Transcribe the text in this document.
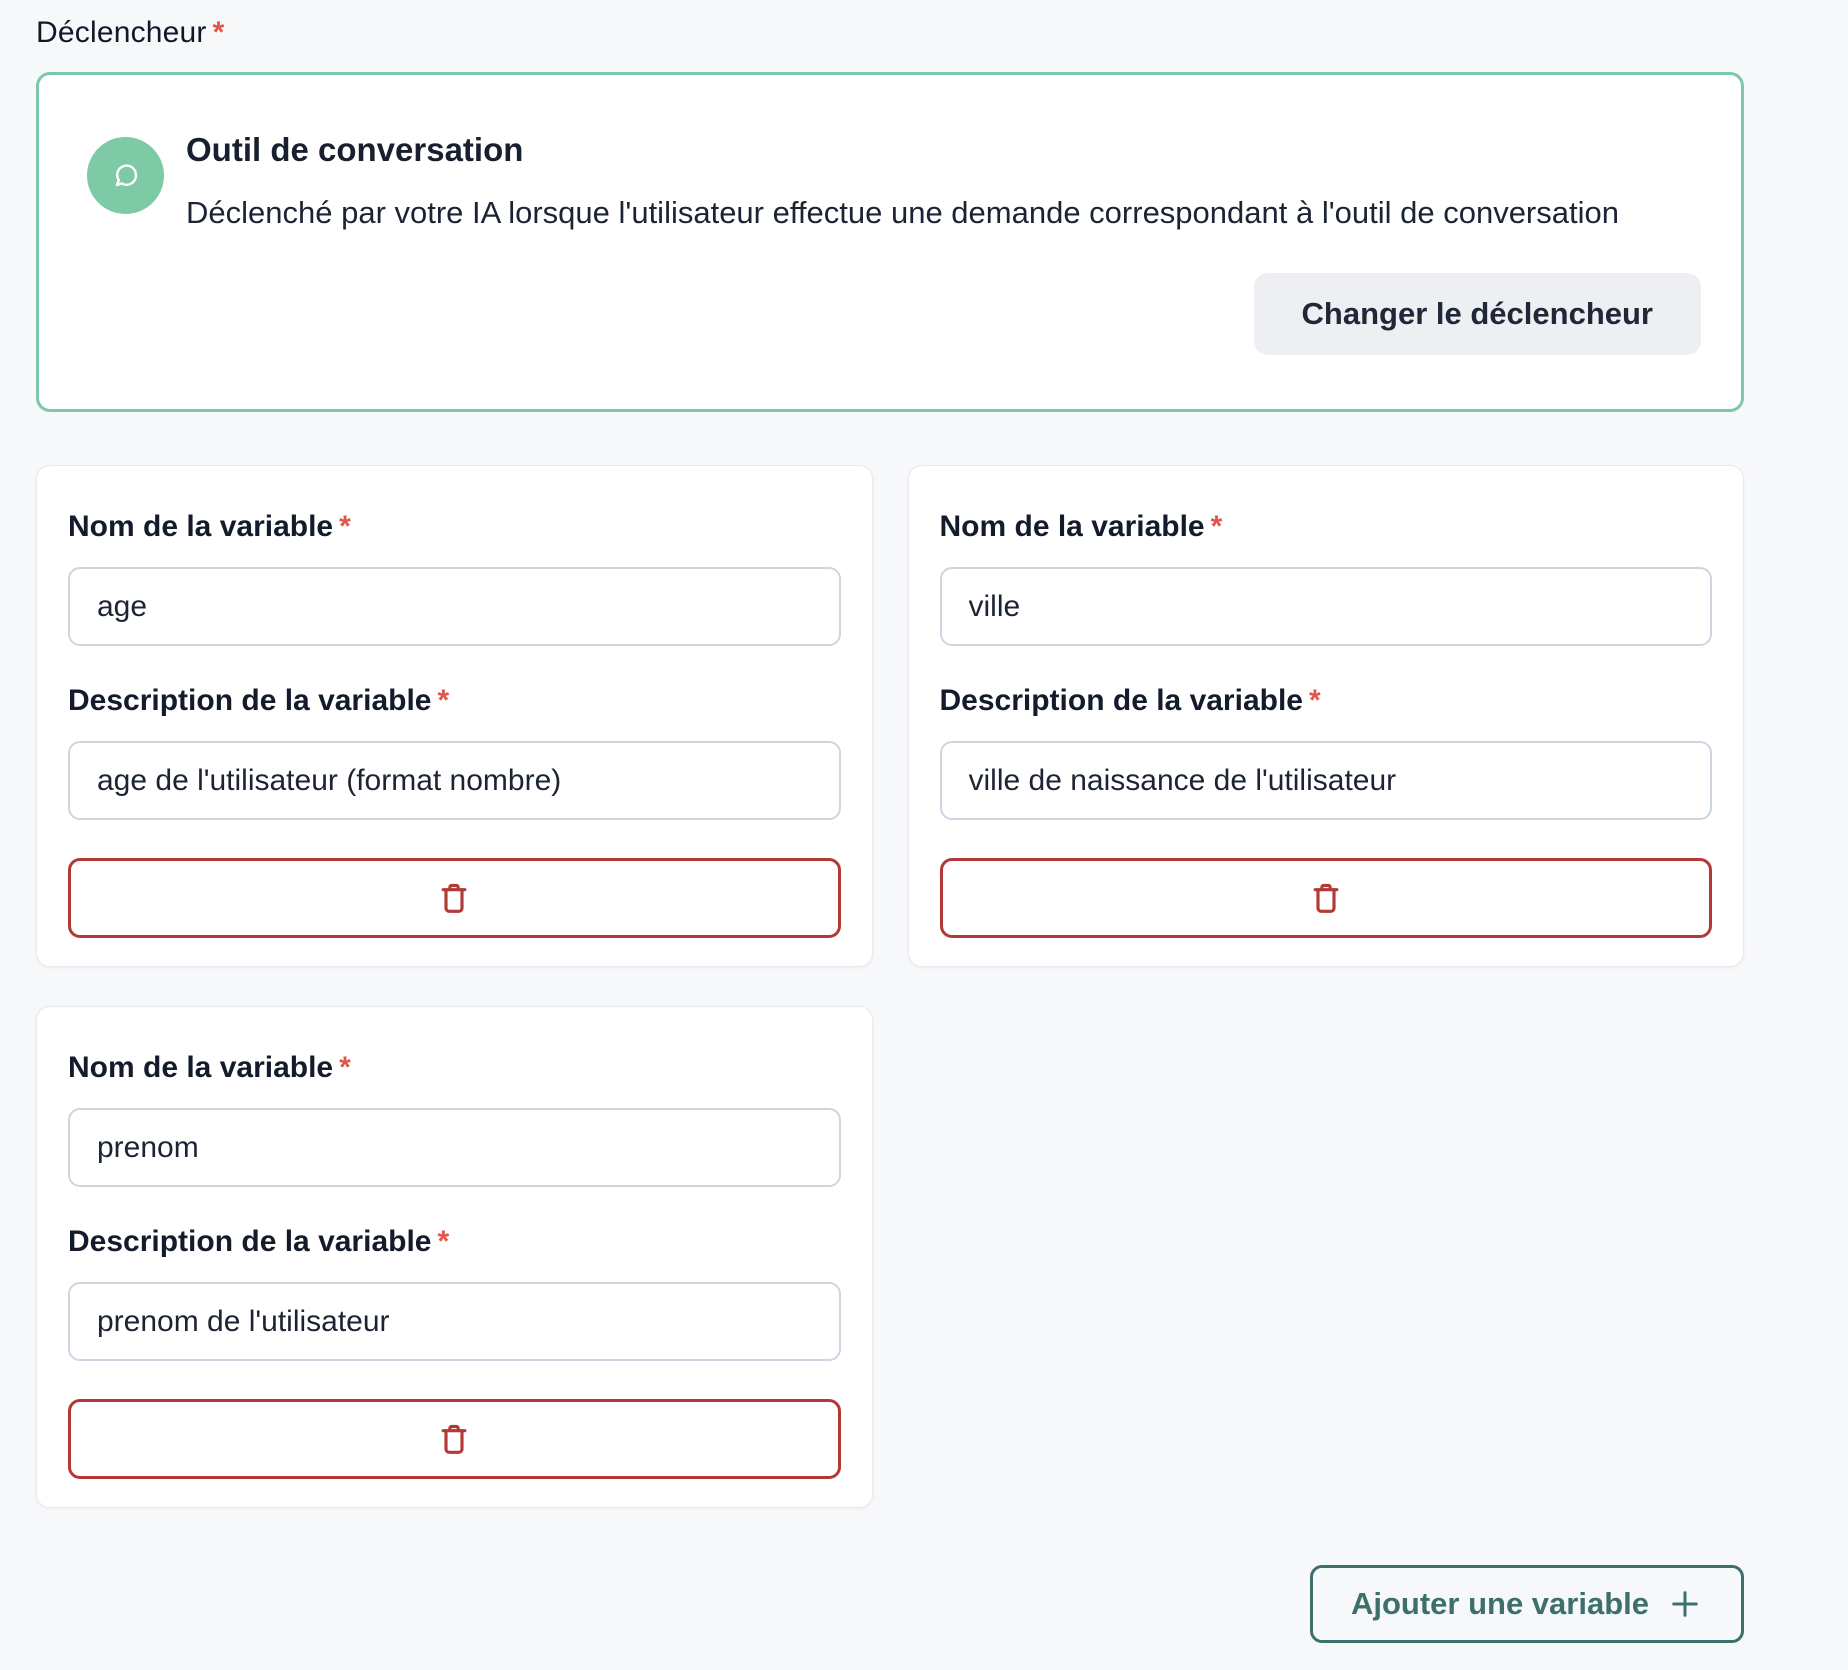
Déclencheur *
Outil de conversation

Déclenché par votre IA lorsque l'utilisateur effectue une demande correspondant à l'outil de conversation

Changer le déclencheur
Nom de la variable *
age
Description de la variable *
age de l'utilisateur (format nombre)
Nom de la variable *
ville
Description de la variable *
ville de naissance de l'utilisateur
Nom de la variable *
prenom
Description de la variable *
prenom de l'utilisateur
Ajouter une variable
